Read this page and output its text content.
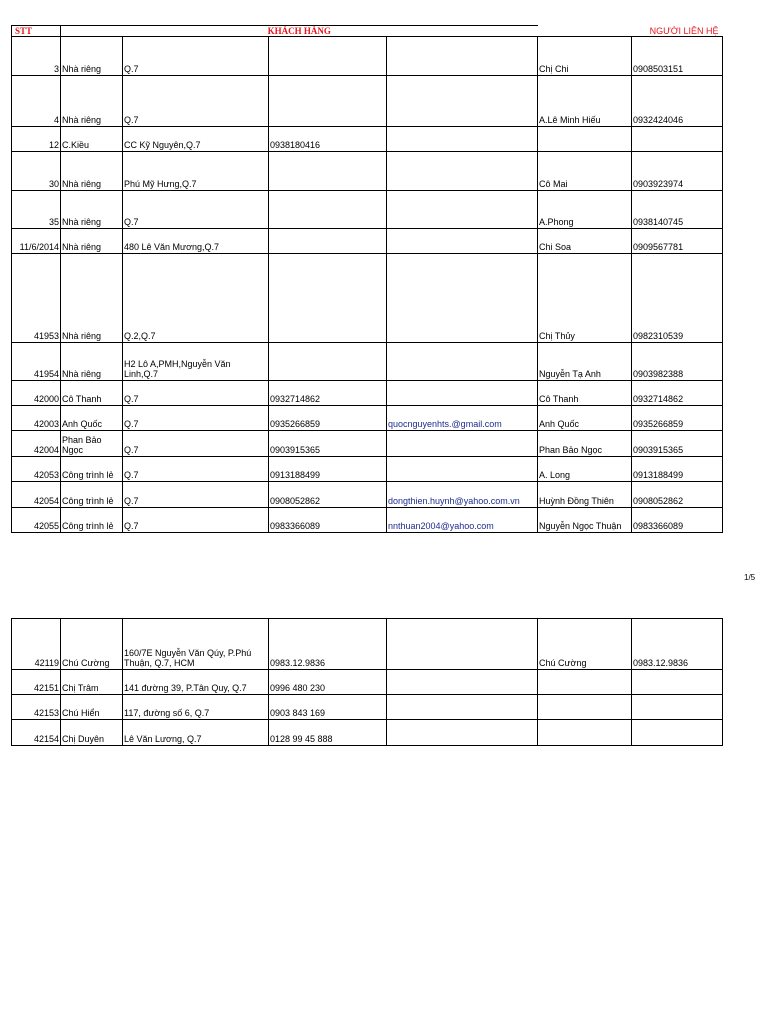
STT	KHÁCH HÀNG					NGƯỜI LIÊN HỆ
3	Nhà riêng	Q.7			Chị Chi	0908503151
4	Nhà riêng	Q.7			A.Lê Minh Hiếu	0932424046
12	C.Kiều	CC Kỹ Nguyên,Q.7	0938180416			
30	Nhà riêng	Phú Mỹ Hưng,Q.7			Cô Mai	0903923974
35	Nhà riêng	Q.7			A.Phong	0938140745
11/6/2014	Nhà riêng	480 Lê Văn Mương,Q.7			Chi Soa	0909567781
41953	Nhà riêng	Q.2,Q.7			Chị Thủy	0982310539
41954	Nhà riêng	H2 Lô A,PMH,Nguyễn Văn Linh,Q.7			Nguyễn Tạ Anh	0903982388
42000	Cô Thanh	Q.7	0932714862		Cô Thanh	0932714862
42003	Anh Quốc	Q.7	0935266859	quocnguyenhts.@gmail.com	Anh Quốc	0935266859
42004	Phan Bảo Ngọc	Q.7	0903915365		Phan Bảo Ngọc	0903915365
42053	Công trình lẻ	Q.7	0913188499		A. Long	0913188499
42054	Công trình lẻ	Q.7	0908052862	dongthien.huynh@yahoo.com.vn	Huỳnh Đồng Thiên	0908052862
42055	Công trình lẻ	Q.7	0983366089	nnthuan2004@yahoo.com	Nguyễn Ngọc Thuận	0983366089
1/5
42119	Chú Cường	160/7E Nguyễn Văn Qúy, P.Phú Thuận, Q.7, HCM	0983.12.9836		Chú Cường	0983.12.9836
42151	Chị Trâm	141 đường 39, P.Tân Quy, Q.7	0996 480 230			
42153	Chú Hiển	117, đường số 6, Q.7	0903 843 169			
42154	Chị Duyên	Lê Văn Lương, Q.7	0128 99 45 888			
